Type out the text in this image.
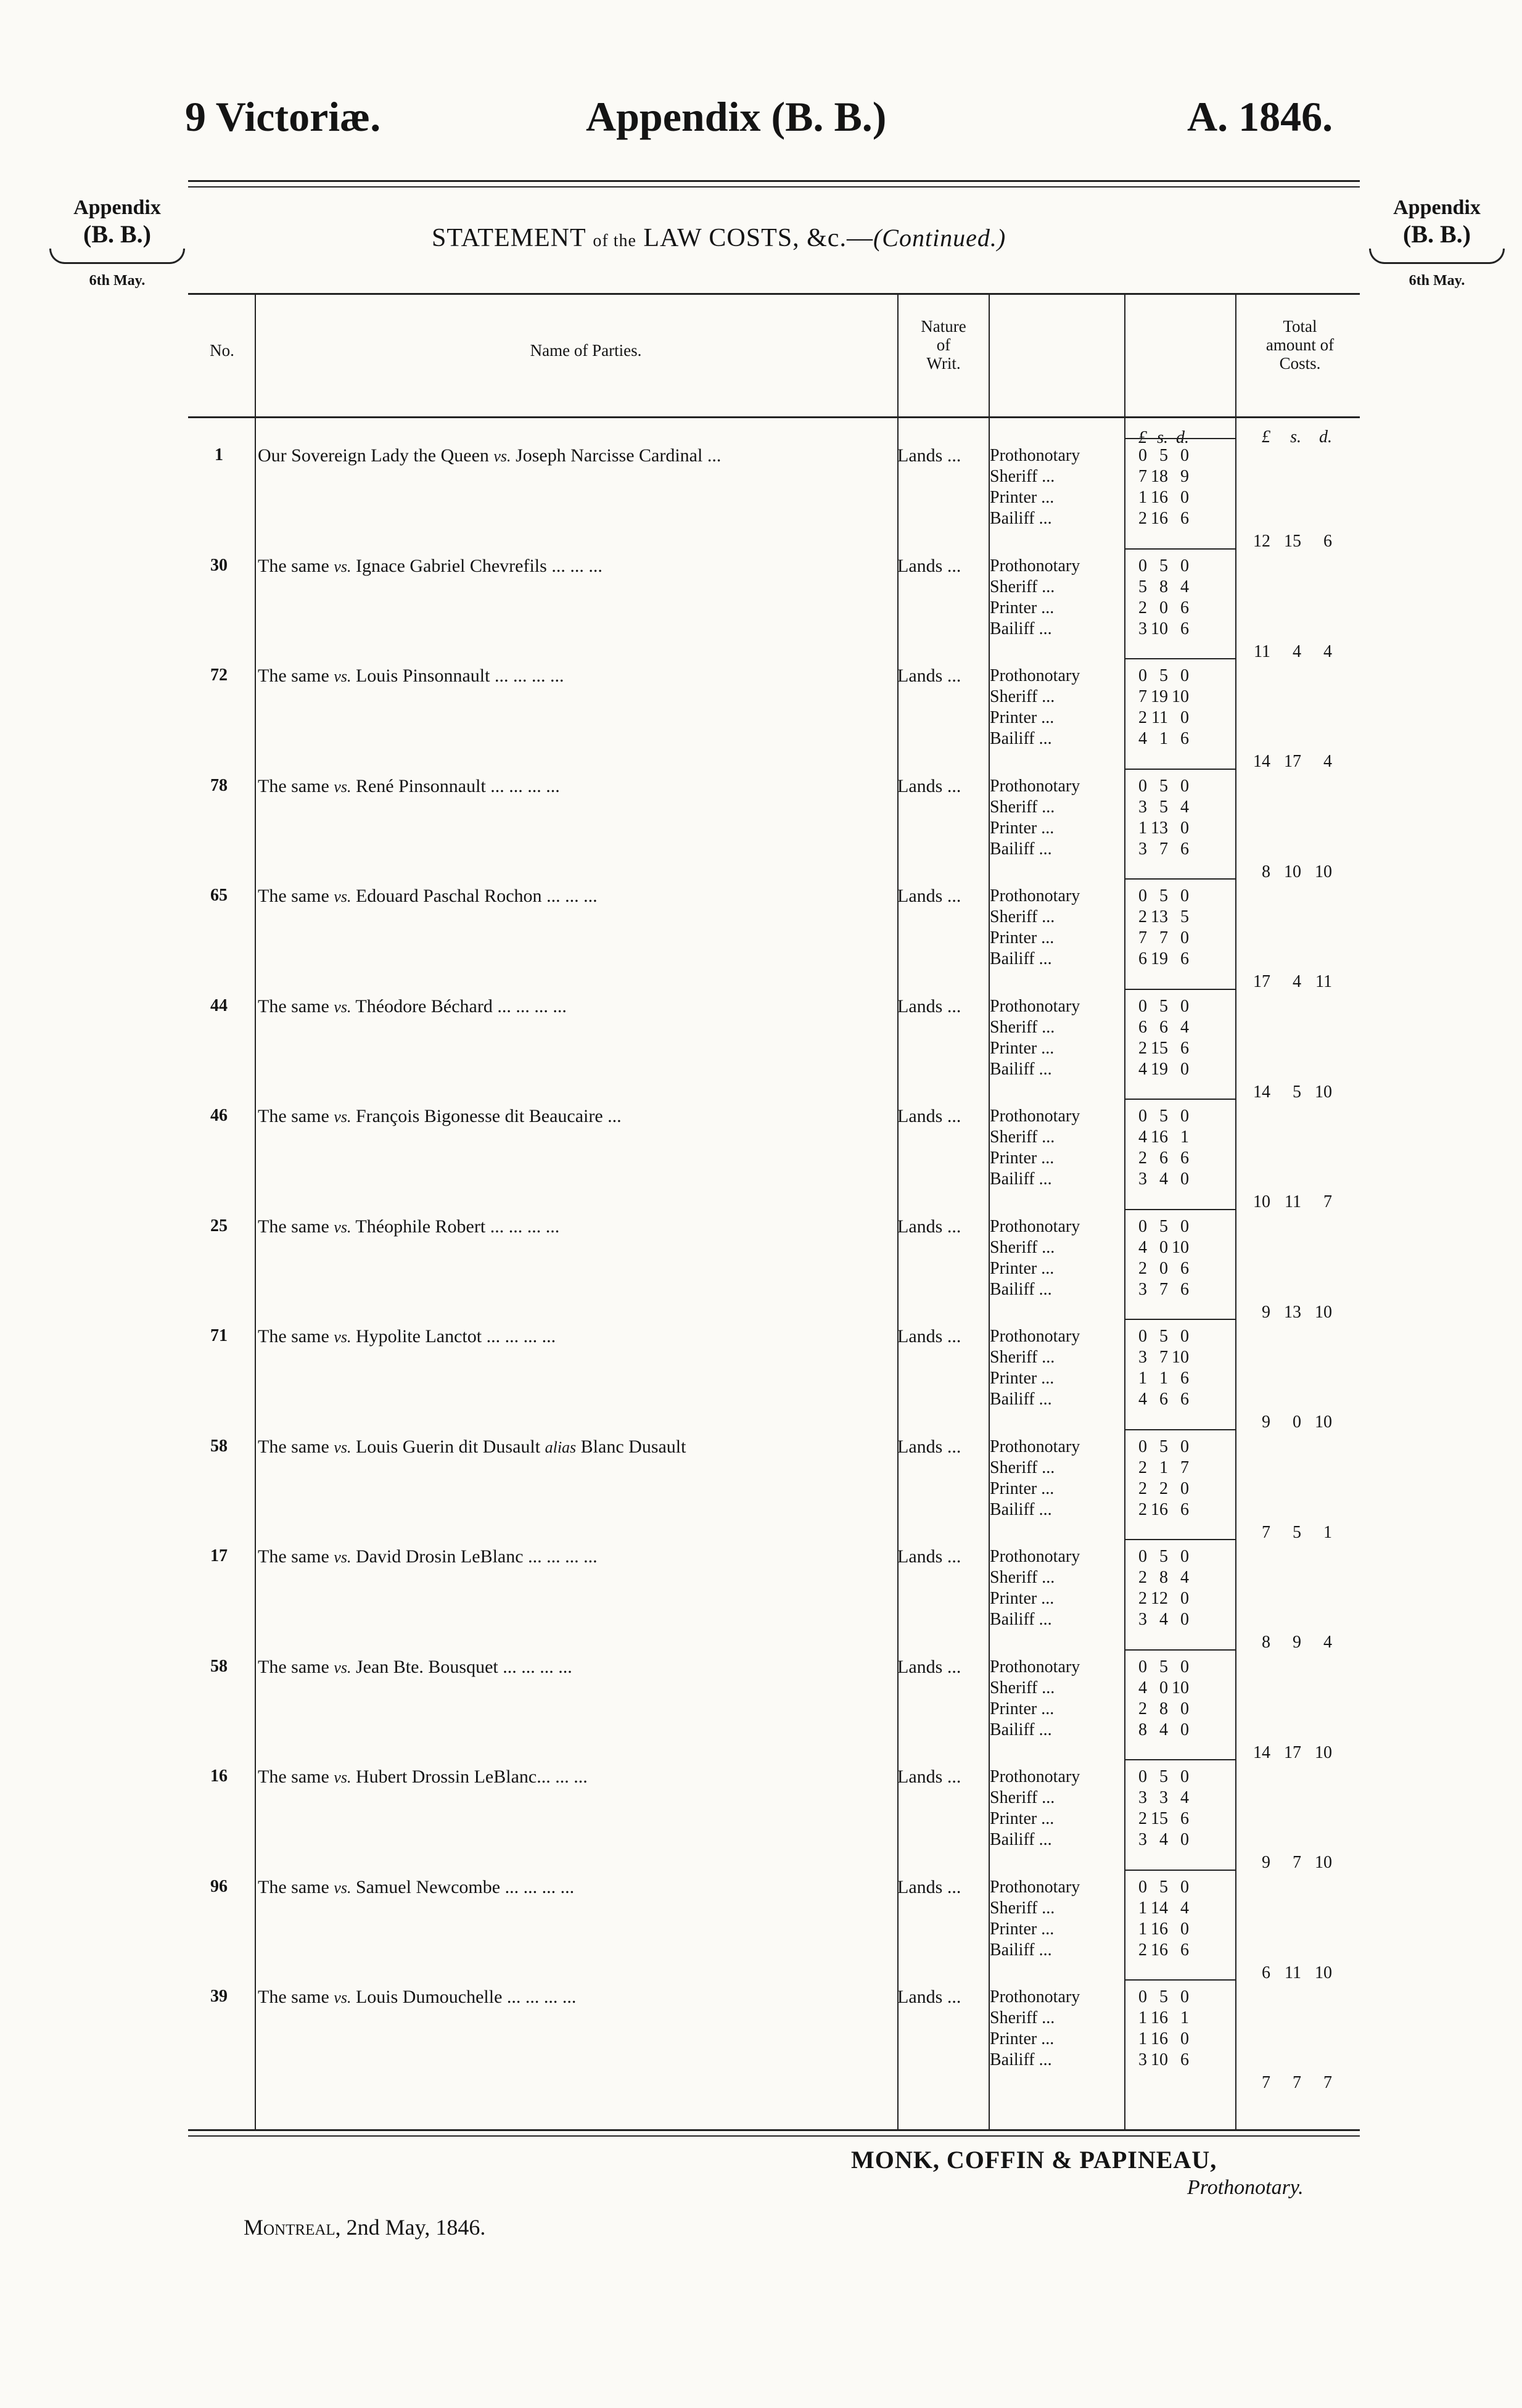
9 Victoriæ.	Appendix (B. B.)	A. 1846.
Appendix
(B. B.)
6th May.
Appendix
(B. B.)
6th May.
STATEMENT of the LAW COSTS, &c.—(Continued.)
No.	Name of Parties.
Nature
of
Writ.
Total
amount of
Costs.
£ s. d.	£ s. d.
1	Our Sovereign Lady the Queen vs. Joseph Narcisse Cardinal ...	Lands ... Prothonotary	0 5 0
Sheriff ...	7 18 9
Printer ...	1 16 0
Bailiff ...	2 16 6
12 15 6
30	The same vs. Ignace Gabriel Chevrefils ... ... ...	Lands ... Prothonotary	0 5 0
Sheriff ...	5 8 4
Printer ...	2 0 6
Bailiff ...	3 10 6
11 4 4
72	The same vs. Louis Pinsonnault ... ... ... ...	Lands ... Prothonotary	0 5 0
Sheriff ...	7 19 10
Printer ...	2 11 0
Bailiff ...	4 1 6
14 17 4
78	The same vs. René Pinsonnault ... ... ... ...	Lands ... Prothonotary	0 5 0
Sheriff ...	3 5 4
Printer ...	1 13 0
Bailiff ...	3 7 6
8 10 10
65	The same vs. Edouard Paschal Rochon ... ... ...	Lands ... Prothonotary	0 5 0
Sheriff ...	2 13 5
Printer ...	7 7 0
Bailiff ...	6 19 6
17 4 11
44	The same vs. Théodore Béchard ... ... ... ...	Lands ... Prothonotary	0 5 0
Sheriff ...	6 6 4
Printer ...	2 15 6
Bailiff ...	4 19 0
14 5 10
46	The same vs. François Bigonesse dit Beaucaire ...	Lands ... Prothonotary	0 5 0
Sheriff ...	4 16 1
Printer ...	2 6 6
Bailiff ...	3 4 0
10 11 7
25	The same vs. Théophile Robert ... ... ... ...	Lands ... Prothonotary	0 5 0
Sheriff ...	4 0 10
Printer ...	2 0 6
Bailiff ...	3 7 6
9 13 10
71	The same vs. Hypolite Lanctot ... ... ... ...	Lands ... Prothonotary	0 5 0
Sheriff ...	3 7 10
Printer ...	1 1 6
Bailiff ...	4 6 6
9 0 10
58	The same vs. Louis Guerin dit Dusault alias Blanc Dusault	Lands ... Prothonotary	0 5 0
Sheriff ...	2 1 7
Printer ...	2 2 0
Bailiff ...	2 16 6
7 5 1
17	The same vs. David Drosin LeBlanc ... ... ... ...	Lands ... Prothonotary	0 5 0
Sheriff ...	2 8 4
Printer ...	2 12 0
Bailiff ...	3 4 0
8 9 4
58	The same vs. Jean Bte. Bousquet ... ... ... ...	Lands ... Prothonotary	0 5 0
Sheriff ...	4 0 10
Printer ...	2 8 0
Bailiff ...	8 4 0
14 17 10
16	The same vs. Hubert Drossin LeBlanc... ... ...	Lands ... Prothonotary	0 5 0
Sheriff ...	3 3 4
Printer ...	2 15 6
Bailiff ...	3 4 0
9 7 10
96	The same vs. Samuel Newcombe ... ... ... ...	Lands ... Prothonotary	0 5 0
Sheriff ...	1 14 4
Printer ...	1 16 0
Bailiff ...	2 16 6
6 11 10
39	The same vs. Louis Dumouchelle ... ... ... ...	Lands ... Prothonotary	0 5 0
Sheriff ...	1 16 1
Printer ...	1 16 0
Bailiff ...	3 10 6
7 7 7
MONK, COFFIN & PAPINEAU,
Prothonotary.
Montreal, 2nd May, 1846.
